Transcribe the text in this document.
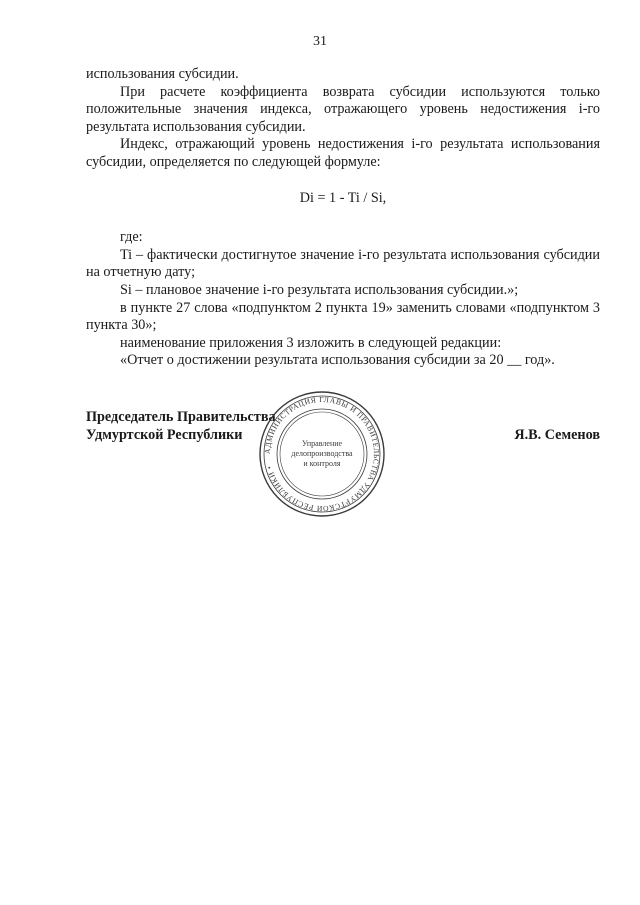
31

использования субсидии.

При расчете коэффициента возврата субсидии используются только положительные значения индекса, отражающего уровень недостижения i-го результата использования субсидии.

Индекс, отражающий уровень недостижения i-го результата использования субсидии, определяется по следующей формуле:

Di = 1 - Ti / Si,

где:

Ti – фактически достигнутое значение i-го результата использования субсидии на отчетную дату;

Si – плановое значение i-го результата использования субсидии.»;

в пункте 27 слова «подпунктом 2 пункта 19» заменить словами «подпунктом 3 пункта 30»;

наименование приложения 3 изложить в следующей редакции:

«Отчет о достижении результата использования субсидии за 20 __ год».

Председатель Правительства
Удмуртской Республики	Я.В. Семенов
АДМИНИСТРАЦИЯ ГЛАВЫ И ПРАВИТЕЛЬСТВА УДМУРТСКОЙ РЕСПУБЛИКИ •
Управление
делопроизводства
и контроля
